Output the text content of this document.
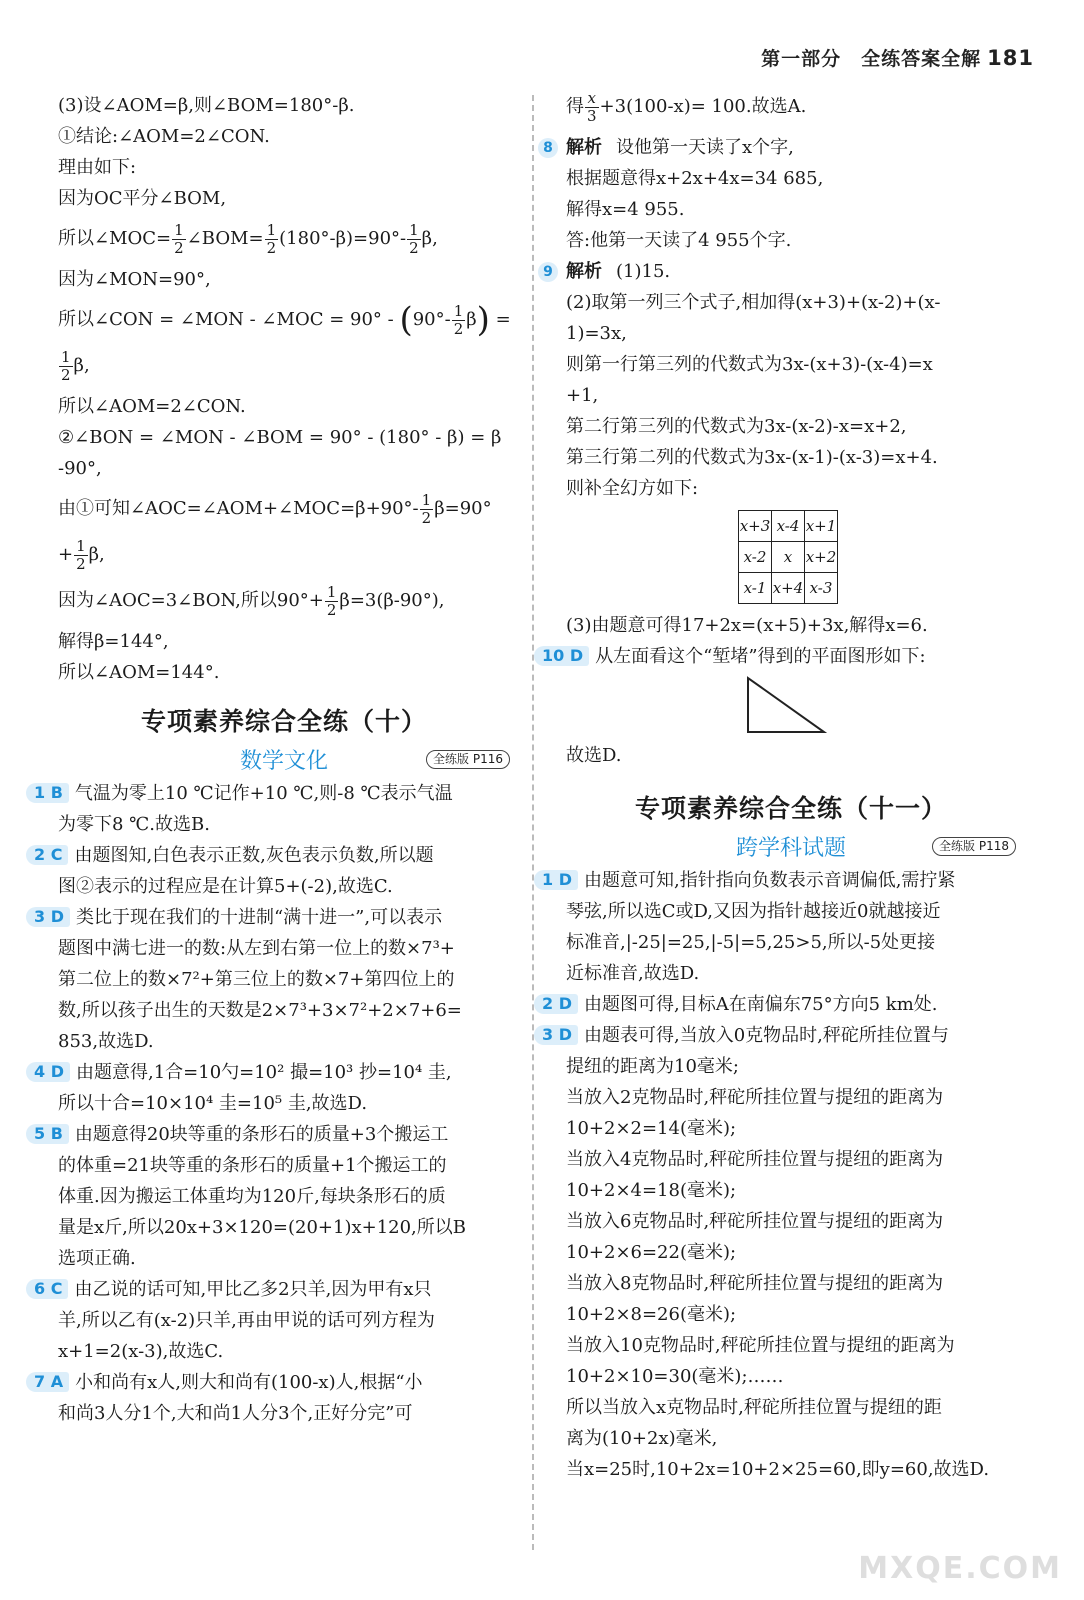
第一部分　全练答案全解 181
(3)设∠AOM=β,则∠BOM=180°-β.
①结论:∠AOM=2∠CON.
理由如下:
因为OC平分∠BOM,
所以∠MOC= $\frac{1}{2}$ ∠BOM= $\frac{1}{2} (180^\circ-\beta)=90^\circ- \frac{1}{2} \beta$,
因为∠MON=90°,
所以∠CON = ∠MON - ∠MOC = $90^\circ - (90^\circ- \frac{1}{2} \beta)$ =
$\frac{1}{2} \beta$,
所以∠AOM=2∠CON.
②∠BON = ∠MON - ∠BOM = 90° - (180° - β) = β
-90°,
由①可知∠AOC=∠AOM+∠MOC=β+90°- $\frac{1}{2} \beta=90^\circ$
+ $\frac{1}{2} \beta$,
因为∠AOC=3∠BON,所以$90^\circ+ \frac{1}{2} \beta=3(\beta-90^\circ)$,
解得β=144°,
所以∠AOM=144°.
专项素养综合全练（十）
数学文化	全练版 P116
1 B 气温为零上10 ℃记作+10 ℃,则-8 ℃表示气温
为零下8 ℃.故选B.
2 C 由题图知,白色表示正数,灰色表示负数,所以题
图②表示的过程应是在计算5+(-2),故选C.
3 D 类比于现在我们的十进制“满十进一”,可以表示
题图中满七进一的数:从左到右第一位上的数×7³+
第二位上的数×7²+第三位上的数×7+第四位上的
数,所以孩子出生的天数是2×7³+3×7²+2×7+6=
853,故选D.
4 D 由题意得,1合=10勺=10² 撮=10³ 抄=10⁴ 圭,
所以十合=10×10⁴ 圭=10⁵ 圭,故选D.
5 B 由题意得20块等重的条形石的质量+3个搬运工
的体重=21块等重的条形石的质量+1个搬运工的
体重.因为搬运工体重均为120斤,每块条形石的质
量是x斤,所以20x+3×120=(20+1)x+120,所以B
选项正确.
6 C 由乙说的话可知,甲比乙多2只羊,因为甲有x只
羊,所以乙有(x-2)只羊,再由甲说的话可列方程为
x+1=2(x-3),故选C.
7 A 小和尚有x人,则大和尚有(100-x)人,根据“小
和尚3人分1个,大和尚1人分3个,正好分完”可
得 $\frac{x}{3} +3(100-x)= 100$.故选A.
8 解析 设他第一天读了x个字,
根据题意得x+2x+4x=34 685,
解得x=4 955.
答:他第一天读了4 955个字.
9 解析 (1)15.
(2)取第一列三个式子,相加得(x+3)+(x-2)+(x-
1)=3x,
则第一行第三列的代数式为3x-(x+3)-(x-4)=x
+1,
第二行第三列的代数式为3x-(x-2)-x=x+2,
第三行第二列的代数式为3x-(x-1)-(x-3)=x+4.
则补全幻方如下:
x+3	x-4	x+1
x-2	x	x+2
x-1	x+4	x-3
(3)由题意可得17+2x=(x+5)+3x,解得x=6.
10 D 从左面看这个“堑堵”得到的平面图形如下:
故选D.
专项素养综合全练（十一）
跨学科试题	全练版 P118
1 D 由题意可知,指针指向负数表示音调偏低,需拧紧
琴弦,所以选C或D,又因为指针越接近0就越接近
标准音,|-25|=25,|-5|=5,25>5,所以-5处更接
近标准音,故选D.
2 D 由题图可得,目标A在南偏东75°方向5 km处.
3 D 由题表可得,当放入0克物品时,秤砣所挂位置与
提纽的距离为10毫米;
当放入2克物品时,秤砣所挂位置与提纽的距离为
10+2×2=14(毫米);
当放入4克物品时,秤砣所挂位置与提纽的距离为
10+2×4=18(毫米);
当放入6克物品时,秤砣所挂位置与提纽的距离为
10+2×6=22(毫米);
当放入8克物品时,秤砣所挂位置与提纽的距离为
10+2×8=26(毫米);
当放入10克物品时,秤砣所挂位置与提纽的距离为
10+2×10=30(毫米);……
所以当放入x克物品时,秤砣所挂位置与提纽的距
离为(10+2x)毫米,
当x=25时,10+2x=10+2×25=60,即y=60,故选D.
MXQE.COM
